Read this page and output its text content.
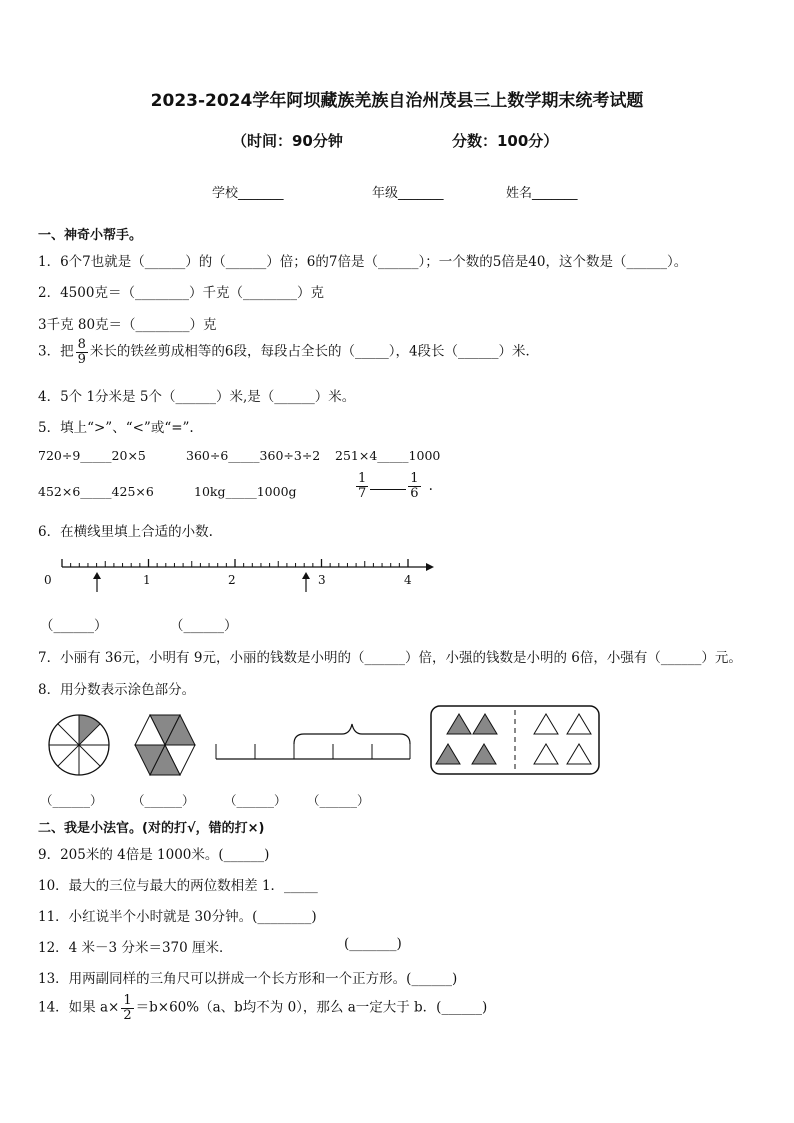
2023-2024学年阿坝藏族羌族自治州茂县三上数学期末统考试题
（时间：90分钟	分数：100分）
学校_______	年级_______	姓名_______
一、神奇小帮手。
1．6个7也就是（______）的（______）倍；6的7倍是（______）；一个数的5倍是40，这个数是（______）。
2．4500克＝（________）千克（________）克
3千克 80克＝（________）克
3．把 $\frac{8}{9}$ 米长的铁丝剪成相等的6段，每段占全长的（_____），4段长（______）米．
4．5个 1分米是 5个（______）米,是（______）米。
5．填上“>”、“<”或“=”.
720÷9_____20×5	360÷6_____360÷3÷2 251×4_____1000
452×6_____425×6	10kg_____1000g	$\frac{1}{7}$	$\frac{1}{6}$ .
6．在横线里填上合适的小数.
0	1	2	3	4
（______）	（______）
7．小丽有 36元，小明有 9元，小丽的钱数是小明的（______）倍，小强的钱数是小明的 6倍，小强有（______）元。
8．用分数表示涂色部分。
（______） （______） （______） （______）
二、我是小法官。(对的打√，错的打×)
9．205米的 4倍是 1000米。(______)
10．最大的三位与最大的两位数相差 1．_____
11．小红说半个小时就是 30分钟。(________)
12．4 米－3 分米＝370 厘米．	(_______)
13．用两副同样的三角尺可以拼成一个长方形和一个正方形。(______)
14．如果 $a\times \frac{1}{2} =b\times 60\%(a$、b均不为 0），那么 a一定大于 b．(______)
